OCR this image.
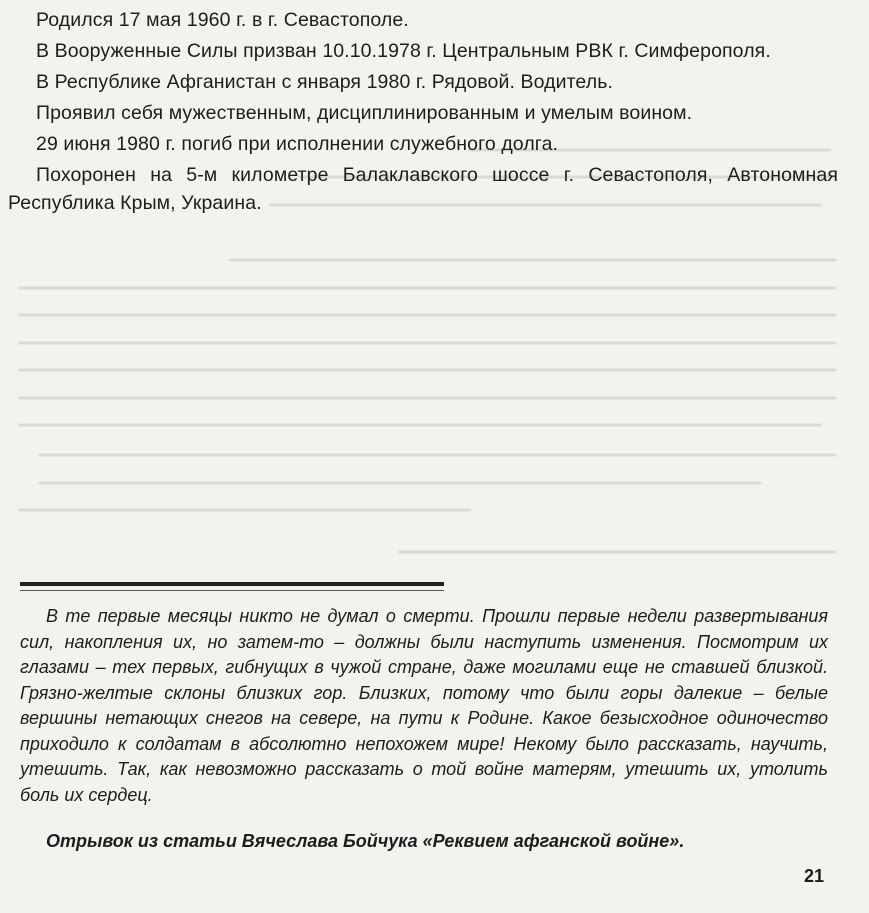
Родился 17 мая 1960 г. в г. Севастополе.

В Вооруженные Силы призван 10.10.1978 г. Центральным РВК г. Симферополя.

В Республике Афганистан с января 1980 г. Рядовой. Водитель.

Проявил себя мужественным, дисциплинированным и умелым воином.

29 июня 1980 г. погиб при исполнении служебного долга.

Похоронен на 5-м километре Балаклавского шоссе г. Севастополя, Автономная Республика Крым, Украина.

В те первые месяцы никто не думал о смерти. Прошли первые недели развертывания сил, накопления их, но затем-то – должны были наступить изменения. Посмотрим их глазами – тех первых, гибнущих в чужой стране, даже могилами еще не ставшей близкой. Грязно-желтые склоны близких гор. Близких, потому что были горы далекие – белые вершины нетающих снегов на севере, на пути к Родине. Какое безысходное одиночество приходило к солдатам в абсолютно непохожем мире! Некому было рассказать, научить, утешить. Так, как невозможно рассказать о той войне матерям, утешить их, утолить боль их сердец.

Отрывок из статьи Вячеслава Бойчука «Реквием афганской войне».
21
